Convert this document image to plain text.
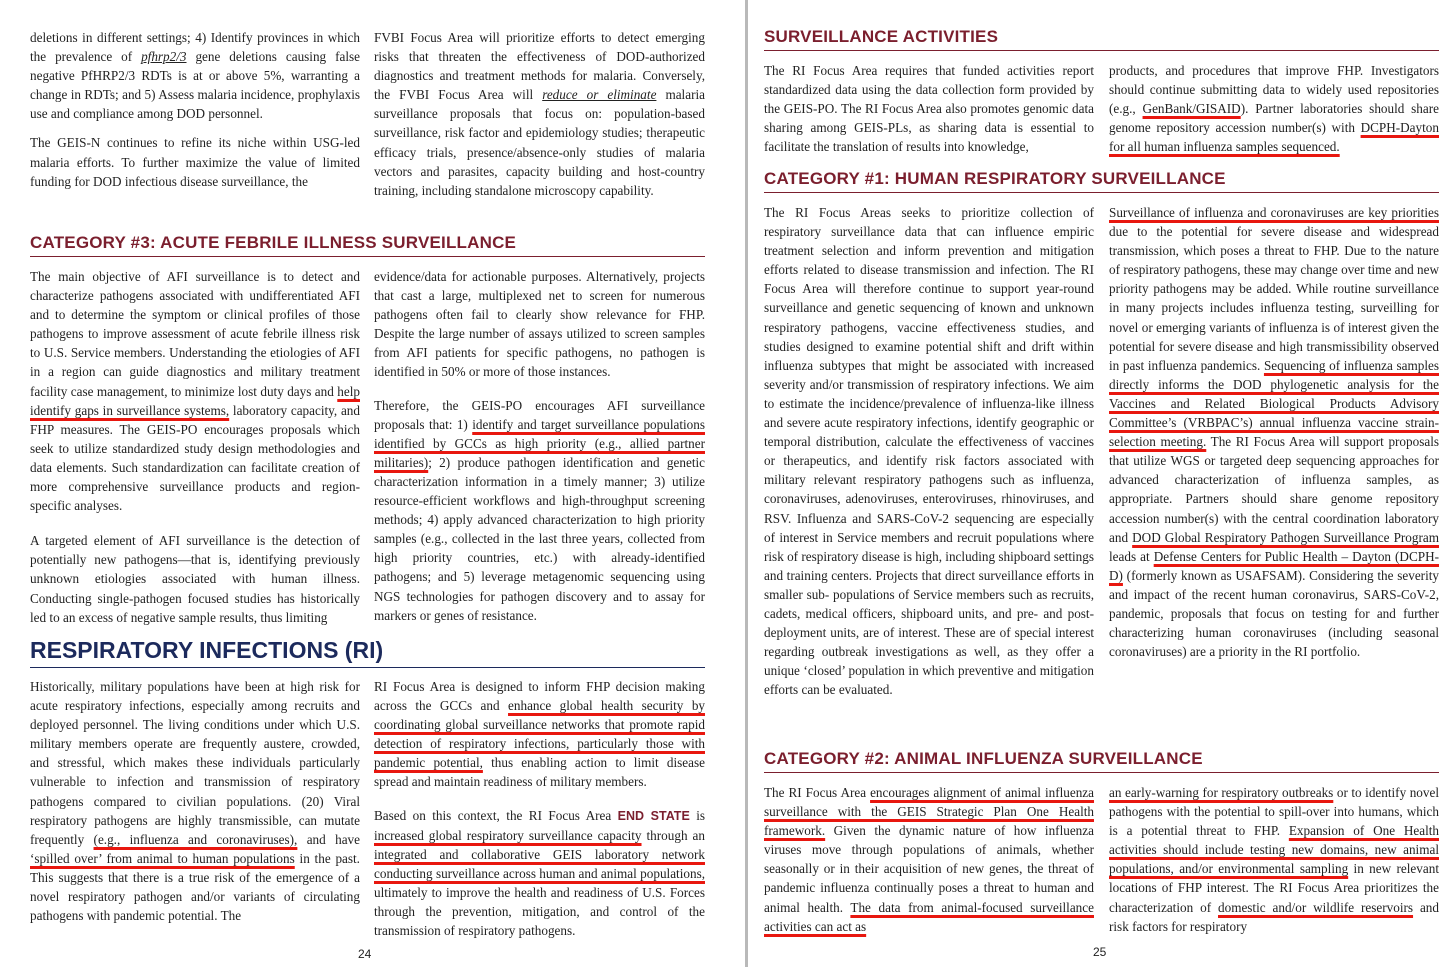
deletions in different settings; 4) Identify provinces in which the prevalence of pfhrp2/3 gene deletions causing false negative PfHRP2/3 RDTs is at or above 5%, warranting a change in RDTs; and 5) Assess malaria incidence, prophylaxis use and compliance among DOD personnel.

The GEIS-N continues to refine its niche within USG-led malaria efforts. To further maximize the value of limited funding for DOD infectious disease surveillance, the

FVBI Focus Area will prioritize efforts to detect emerging risks that threaten the effectiveness of DOD-authorized diagnostics and treatment methods for malaria. Conversely, the FVBI Focus Area will reduce or eliminate malaria surveillance proposals that focus on: population-based surveillance, risk factor and epidemiology studies; therapeutic efficacy trials, presence/absence-only studies of malaria vectors and parasites, capacity building and host-country training, including standalone microscopy capability.

CATEGORY #3: ACUTE FEBRILE ILLNESS SURVEILLANCE

The main objective of AFI surveillance is to detect and characterize pathogens associated with undifferentiated AFI and to determine the symptom or clinical profiles of those pathogens to improve assessment of acute febrile illness risk to U.S. Service members. Understanding the etiologies of AFI in a region can guide diagnostics and military treatment facility case management, to minimize lost duty days and help identify gaps in surveillance systems, laboratory capacity, and FHP measures. The GEIS-PO encourages proposals which seek to utilize standardized study design methodologies and data elements. Such standardization can facilitate creation of more comprehensive surveillance products and region-specific analyses.

A targeted element of AFI surveillance is the detection of potentially new pathogens—that is, identifying previously unknown etiologies associated with human illness. Conducting single-pathogen focused studies has historically led to an excess of negative sample results, thus limiting

evidence/data for actionable purposes. Alternatively, projects that cast a large, multiplexed net to screen for numerous pathogens often fail to clearly show relevance for FHP. Despite the large number of assays utilized to screen samples from AFI patients for specific pathogens, no pathogen is identified in 50% or more of those instances.

Therefore, the GEIS-PO encourages AFI surveillance proposals that: 1) identify and target surveillance populations identified by GCCs as high priority (e.g., allied partner militaries); 2) produce pathogen identification and genetic characterization information in a timely manner; 3) utilize resource-efficient workflows and high-throughput screening methods; 4) apply advanced characterization to high priority samples (e.g., collected in the last three years, collected from high priority countries, etc.) with already-identified pathogens; and 5) leverage metagenomic sequencing using NGS technologies for pathogen discovery and to assay for markers or genes of resistance.

RESPIRATORY INFECTIONS (RI)

Historically, military populations have been at high risk for acute respiratory infections, especially among recruits and deployed personnel. The living conditions under which U.S. military members operate are frequently austere, crowded, and stressful, which makes these individuals particularly vulnerable to infection and transmission of respiratory pathogens compared to civilian populations. (20) Viral respiratory pathogens are highly transmissible, can mutate frequently (e.g., influenza and coronaviruses), and have ‘spilled over’ from animal to human populations in the past. This suggests that there is a true risk of the emergence of a novel respiratory pathogen and/or variants of circulating pathogens with pandemic potential. The

RI Focus Area is designed to inform FHP decision making across the GCCs and enhance global health security by coordinating global surveillance networks that promote rapid detection of respiratory infections, particularly those with pandemic potential, thus enabling action to limit disease spread and maintain readiness of military members.

Based on this context, the RI Focus Area END STATE is increased global respiratory surveillance capacity through an integrated and collaborative GEIS laboratory network conducting surveillance across human and animal populations, ultimately to improve the health and readiness of U.S. Forces through the prevention, mitigation, and control of the transmission of respiratory pathogens.

24
SURVEILLANCE ACTIVITIES

The RI Focus Area requires that funded activities report standardized data using the data collection form provided by the GEIS-PO. The RI Focus Area also promotes genomic data sharing among GEIS-PLs, as sharing data is essential to facilitate the translation of results into knowledge,

products, and procedures that improve FHP. Investigators should continue submitting data to widely used repositories (e.g., GenBank/GISAID). Partner laboratories should share genome repository accession number(s) with DCPH-Dayton for all human influenza samples sequenced.

CATEGORY #1: HUMAN RESPIRATORY SURVEILLANCE

The RI Focus Areas seeks to prioritize collection of respiratory surveillance data that can influence empiric treatment selection and inform prevention and mitigation efforts related to disease transmission and infection. The RI Focus Area will therefore continue to support year-round surveillance and genetic sequencing of known and unknown respiratory pathogens, vaccine effectiveness studies, and studies designed to examine potential shift and drift within influenza subtypes that might be associated with increased severity and/or transmission of respiratory infections. We aim to estimate the incidence/prevalence of influenza-like illness and severe acute respiratory infections, identify geographic or temporal distribution, calculate the effectiveness of vaccines or therapeutics, and identify risk factors associated with military relevant respiratory pathogens such as influenza, coronaviruses, adenoviruses, enteroviruses, rhinoviruses, and RSV. Influenza and SARS-CoV-2 sequencing are especially of interest in Service members and recruit populations where risk of respiratory disease is high, including shipboard settings and training centers. Projects that direct surveillance efforts in smaller sub- populations of Service members such as recruits, cadets, medical officers, shipboard units, and pre- and post-deployment units, are of interest. These are of special interest regarding outbreak investigations as well, as they offer a unique ‘closed’ population in which preventive and mitigation efforts can be evaluated.

Surveillance of influenza and coronaviruses are key priorities due to the potential for severe disease and widespread transmission, which poses a threat to FHP. Due to the nature of respiratory pathogens, these may change over time and new priority pathogens may be added. While routine surveillance in many projects includes influenza testing, surveilling for novel or emerging variants of influenza is of interest given the potential for severe disease and high transmissibility observed in past influenza pandemics. Sequencing of influenza samples directly informs the DOD phylogenetic analysis for the Vaccines and Related Biological Products Advisory Committee’s (VRBPAC’s) annual influenza vaccine strain-selection meeting. The RI Focus Area will support proposals that utilize WGS or targeted deep sequencing approaches for advanced characterization of influenza samples, as appropriate. Partners should share genome repository accession number(s) with the central coordination laboratory and DOD Global Respiratory Pathogen Surveillance Program leads at Defense Centers for Public Health – Dayton (DCPH-D) (formerly known as USAFSAM). Considering the severity and impact of the recent human coronavirus, SARS-CoV-2, pandemic, proposals that focus on testing for and further characterizing human coronaviruses (including seasonal coronaviruses) are a priority in the RI portfolio.

CATEGORY #2: ANIMAL INFLUENZA SURVEILLANCE

The RI Focus Area encourages alignment of animal influenza surveillance with the GEIS Strategic Plan One Health framework. Given the dynamic nature of how influenza viruses move through populations of animals, whether seasonally or in their acquisition of new genes, the threat of pandemic influenza continually poses a threat to human and animal health. The data from animal-focused surveillance activities can act as

an early-warning for respiratory outbreaks or to identify novel pathogens with the potential to spill-over into humans, which is a potential threat to FHP. Expansion of One Health activities should include testing new domains, new animal populations, and/or environmental sampling in new relevant locations of FHP interest. The RI Focus Area prioritizes the characterization of domestic and/or wildlife reservoirs and risk factors for respiratory

25
